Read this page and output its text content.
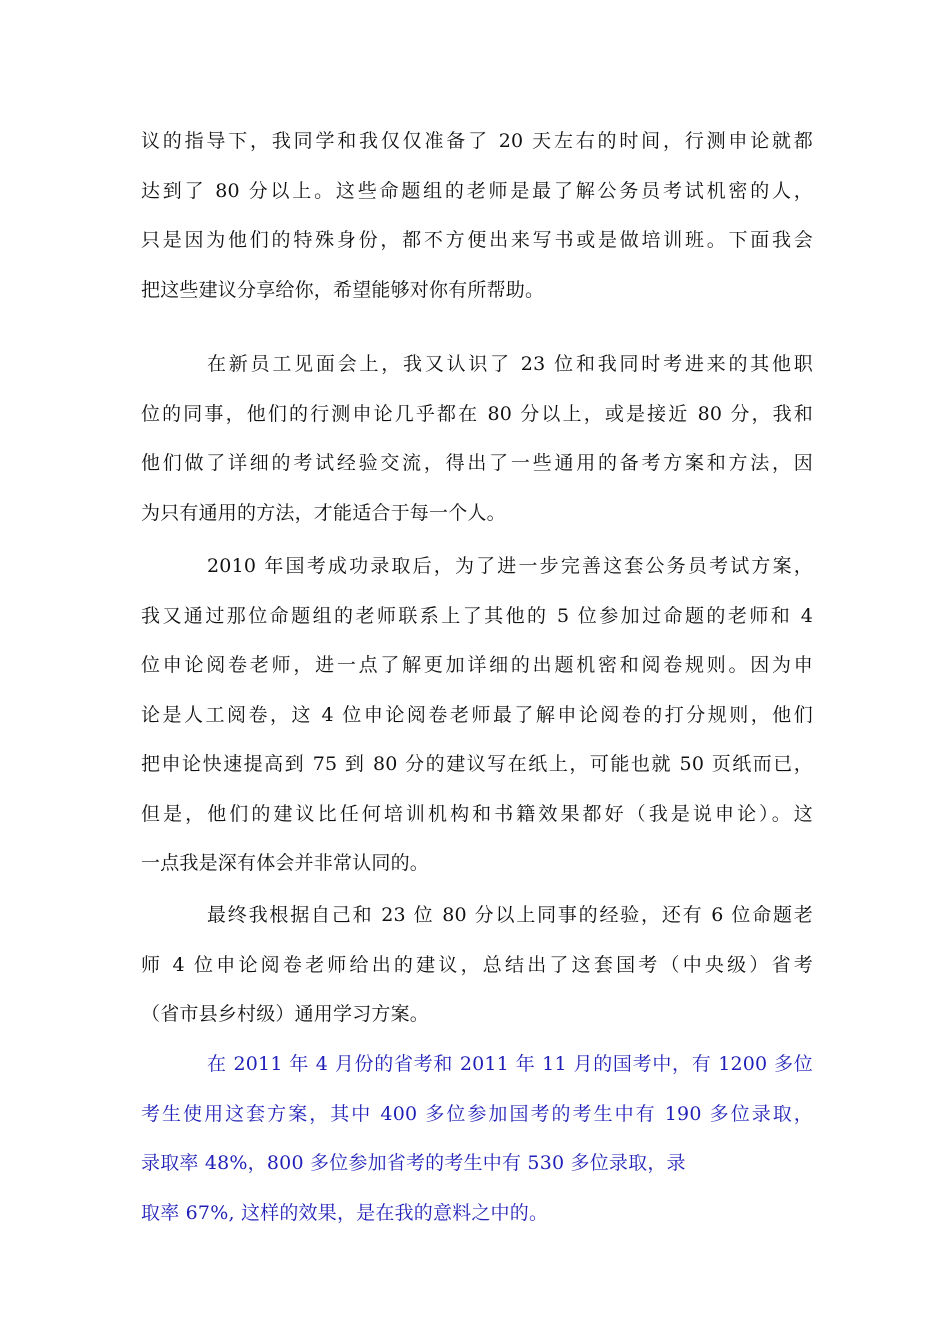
议的指导下，我同学和我仅仅准备了 20 天左右的时间，行测申论就都
达到了 80 分以上。这些命题组的老师是最了解公务员考试机密的人，
只是因为他们的特殊身份，都不方便出来写书或是做培训班。下面我会
把这些建议分享给你，希望能够对你有所帮助。
在新员工见面会上，我又认识了 23 位和我同时考进来的其他职
位的同事，他们的行测申论几乎都在 80 分以上，或是接近 80 分，我和
他们做了详细的考试经验交流，得出了一些通用的备考方案和方法，因
为只有通用的方法，才能适合于每一个人。
2010 年国考成功录取后，为了进一步完善这套公务员考试方案，
我又通过那位命题组的老师联系上了其他的 5 位参加过命题的老师和 4
位申论阅卷老师，进一点了解更加详细的出题机密和阅卷规则。因为申
论是人工阅卷，这 4 位申论阅卷老师最了解申论阅卷的打分规则，他们
把申论快速提高到 75 到 80 分的建议写在纸上，可能也就 50 页纸而已，
但是，他们的建议比任何培训机构和书籍效果都好（我是说申论）。这
一点我是深有体会并非常认同的。
最终我根据自己和 23 位 80 分以上同事的经验，还有 6 位命题老
师 4 位申论阅卷老师给出的建议，总结出了这套国考（中央级）省考
（省市县乡村级）通用学习方案。
在 2011 年 4 月份的省考和 2011 年 11 月的国考中，有 1200 多位
考生使用这套方案，其中 400 多位参加国考的考生中有 190 多位录取，
录取率 48%，800 多位参加省考的考生中有 530 多位录取，录
取率 67%, 这样的效果，是在我的意料之中的。
